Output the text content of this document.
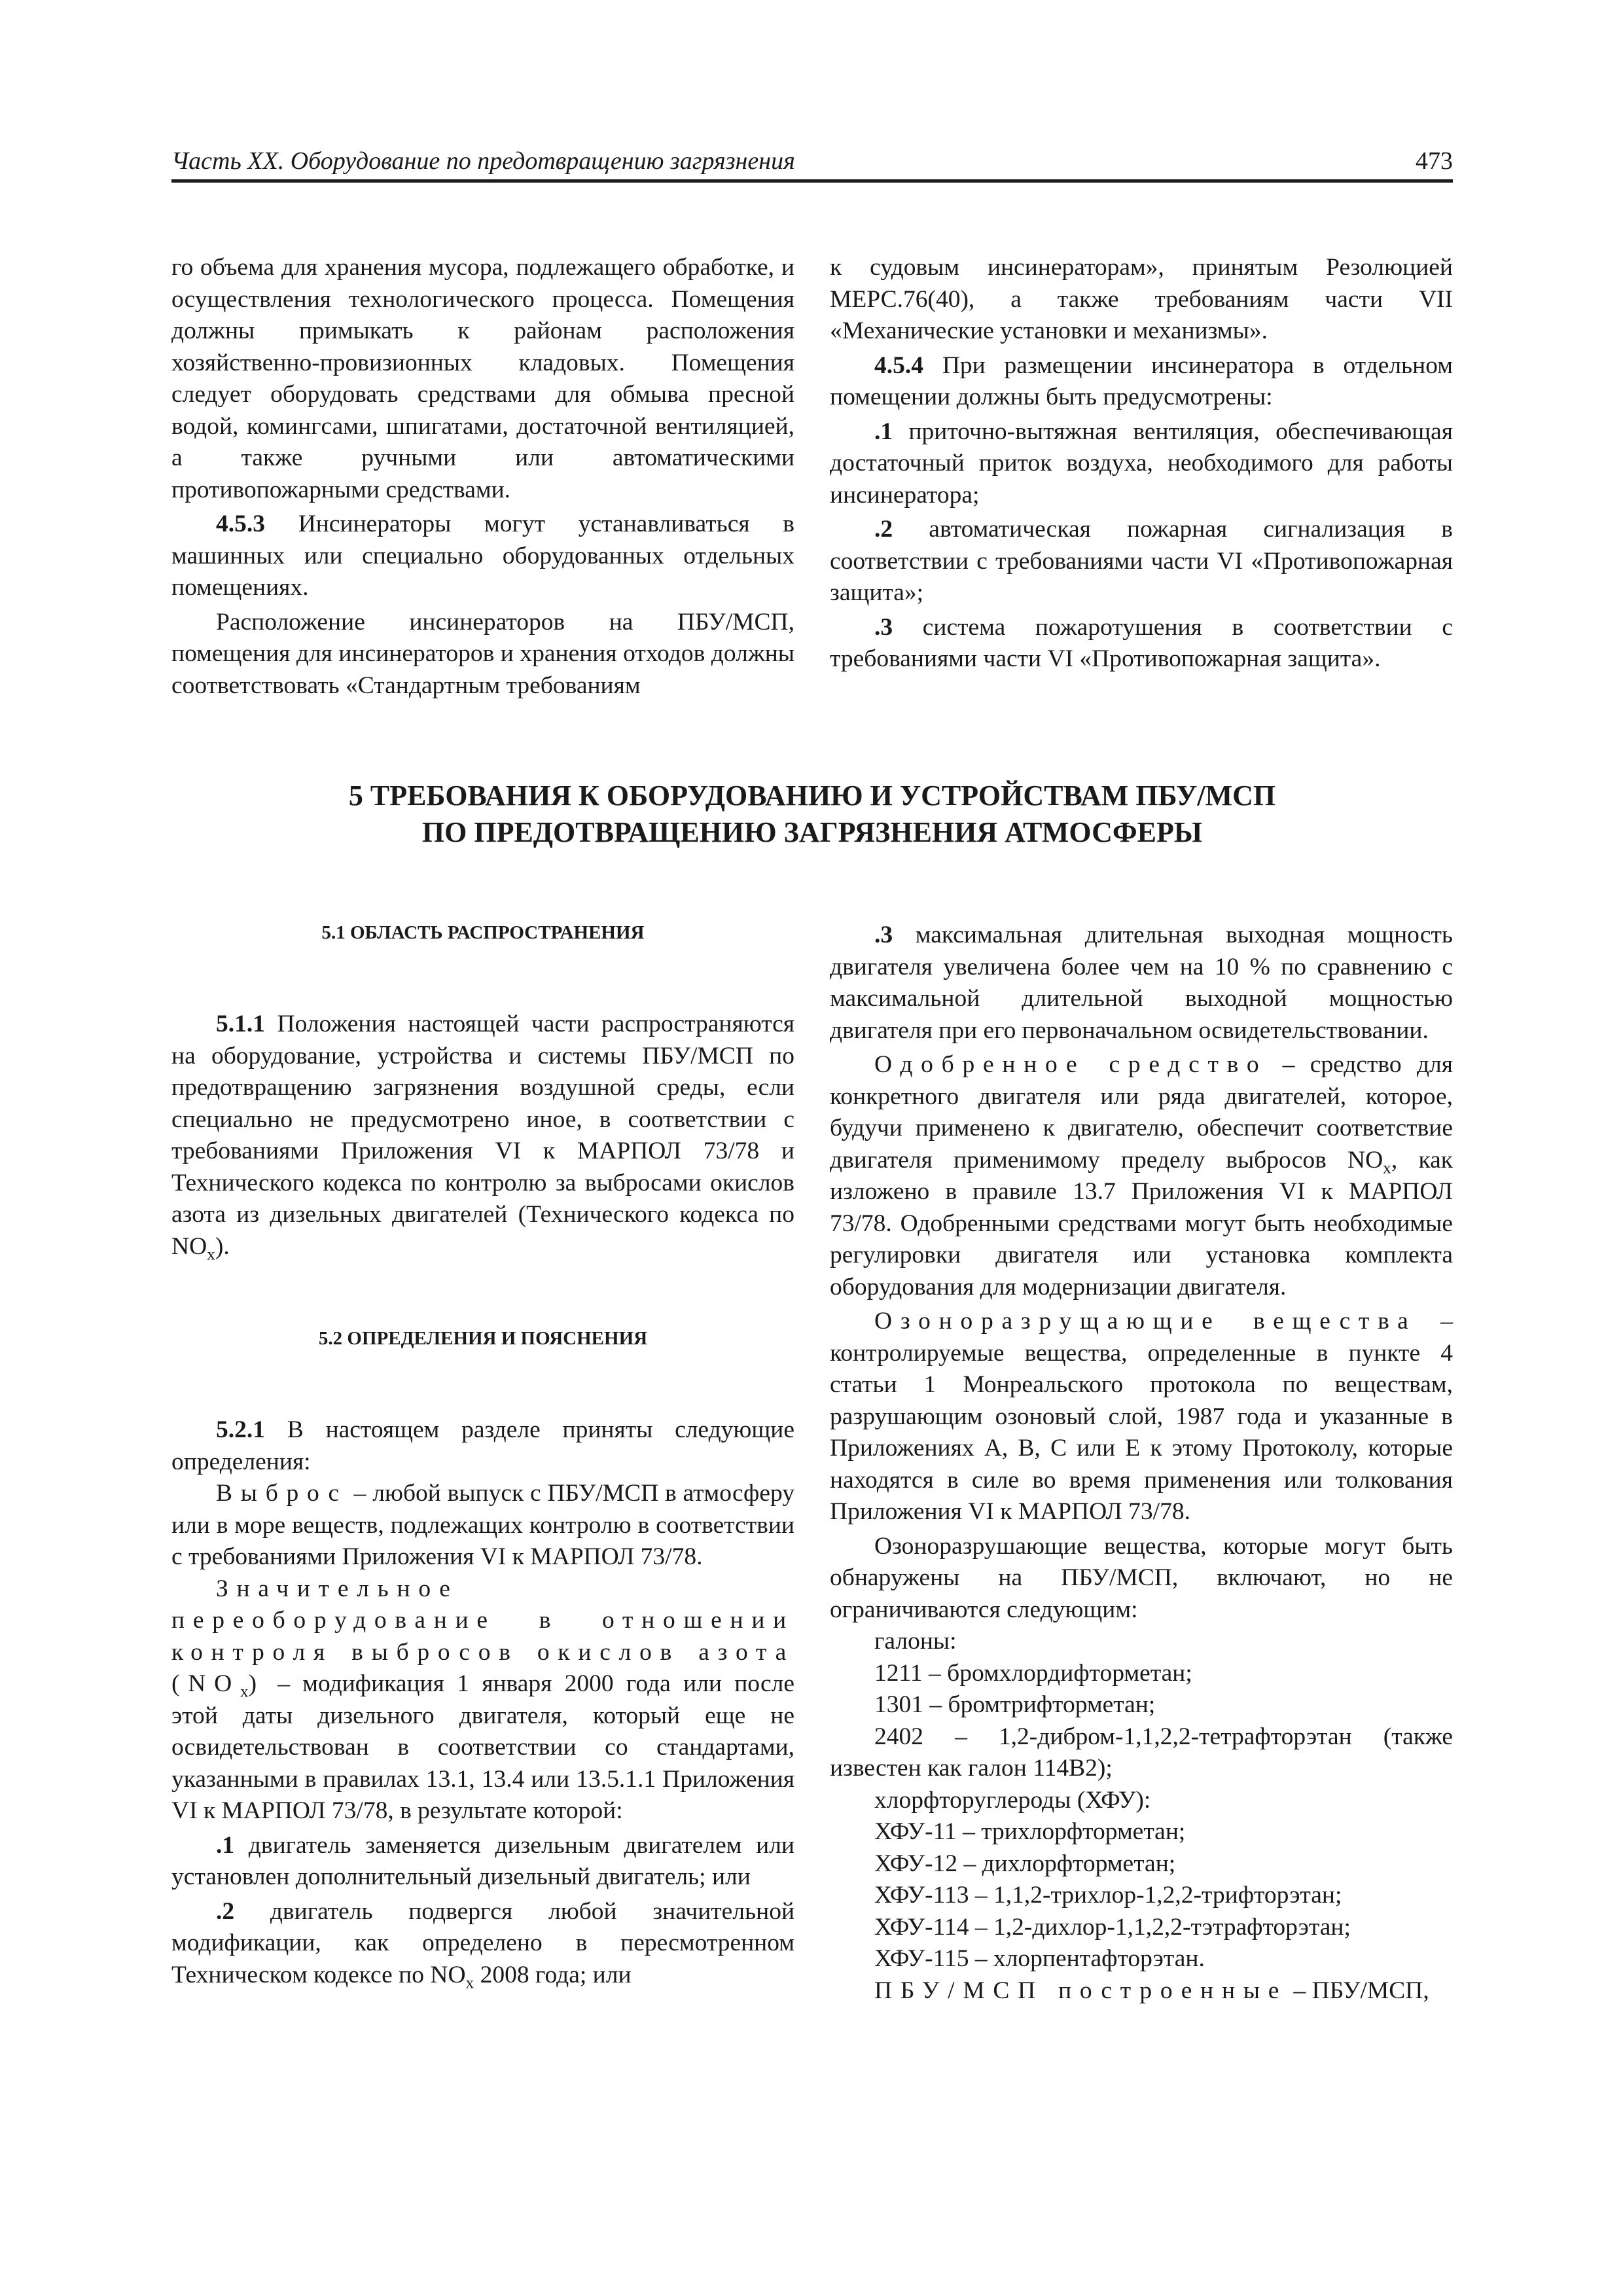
Часть XX. Оборудование по предотвращению загрязнения	473

го объема для хранения мусора, подлежащего обработке, и осуществления технологического процесса. Помещения должны примыкать к районам расположения хозяйственно-провизионных кладовых. Помещения следует оборудовать средствами для обмыва пресной водой, комингсами, шпигатами, достаточной вентиляцией, а также ручными или автоматическими противопожарными средствами.

4.5.3 Инсинераторы могут устанавливаться в машинных или специально оборудованных отдельных помещениях.

Расположение инсинераторов на ПБУ/МСП, помещения для инсинераторов и хранения отходов должны соответствовать «Стандартным требованиям

к судовым инсинераторам», принятым Резолюцией МЕРС.76(40), а также требованиям части VII «Механические установки и механизмы».

4.5.4 При размещении инсинератора в отдельном помещении должны быть предусмотрены:

.1 приточно-вытяжная вентиляция, обеспечивающая достаточный приток воздуха, необходимого для работы инсинератора;

.2 автоматическая пожарная сигнализация в соответствии с требованиями части VI «Противопожарная защита»;

.3 система пожаротушения в соответствии с требованиями части VI «Противопожарная защита».

5 ТРЕБОВАНИЯ К ОБОРУДОВАНИЮ И УСТРОЙСТВАМ ПБУ/МСП
ПО ПРЕДОТВРАЩЕНИЮ ЗАГРЯЗНЕНИЯ АТМОСФЕРЫ

5.1 ОБЛАСТЬ РАСПРОСТРАНЕНИЯ

5.1.1 Положения настоящей части распространяются на оборудование, устройства и системы ПБУ/МСП по предотвращению загрязнения воздушной среды, если специально не предусмотрено иное, в соответствии с требованиями Приложения VI к МАРПОЛ 73/78 и Технического кодекса по контролю за выбросами окислов азота из дизельных двигателей (Технического кодекса по $NO_x$).

5.2 ОПРЕДЕЛЕНИЯ И ПОЯСНЕНИЯ

5.2.1 В настоящем разделе приняты следующие определения:

Выброс – любой выпуск с ПБУ/МСП в атмосферу или в море веществ, подлежащих контролю в соответствии с требованиями Приложения VI к МАРПОЛ 73/78.

Значительное переоборудование в отношении контроля выбросов окислов азота $(NO_x)$ – модификация 1 января 2000 года или после этой даты дизельного двигателя, который еще не освидетельствован в соответствии со стандартами, указанными в правилах 13.1, 13.4 или 13.5.1.1 Приложения VI к МАРПОЛ 73/78, в результате которой:

.1 двигатель заменяется дизельным двигателем или установлен дополнительный дизельный двигатель; или

.2 двигатель подвергся любой значительной модификации, как определено в пересмотренном Техническом кодексе по $NO_x$ 2008 года; или

.3 максимальная длительная выходная мощность двигателя увеличена более чем на 10 % по сравнению с максимальной длительной выходной мощностью двигателя при его первоначальном освидетельствовании.

Одобренное средство – средство для конкретного двигателя или ряда двигателей, которое, будучи применено к двигателю, обеспечит соответствие двигателя применимому пределу выбросов $NO_x$, как изложено в правиле 13.7 Приложения VI к МАРПОЛ 73/78. Одобренными средствами могут быть необходимые регулировки двигателя или установка комплекта оборудования для модернизации двигателя.

Озоноразрущающие вещества – контролируемые вещества, определенные в пункте 4 статьи 1 Монреальского протокола по веществам, разрушающим озоновый слой, 1987 года и указанные в Приложениях А, В, С или Е к этому Протоколу, которые находятся в силе во время применения или толкования Приложения VI к МАРПОЛ 73/78.

Озоноразрушающие вещества, которые могут быть обнаружены на ПБУ/МСП, включают, но не ограничиваются следующим:

галоны:

1211 – бромхлордифторметан;

1301 – бромтрифторметан;

2402 – 1,2-дибром-1,1,2,2-тетрафторэтан (также известен как галон 114В2);

хлорфторуглероды (ХФУ):

ХФУ-11 – трихлорфторметан;

ХФУ-12 – дихлорфторметан;

ХФУ-113 – 1,1,2-трихлор-1,2,2-трифторэтан;

ХФУ-114 – 1,2-дихлор-1,1,2,2-тэтрафторэтан;

ХФУ-115 – хлорпентафторэтан.

ПБУ/МСП построенные – ПБУ/МСП,
